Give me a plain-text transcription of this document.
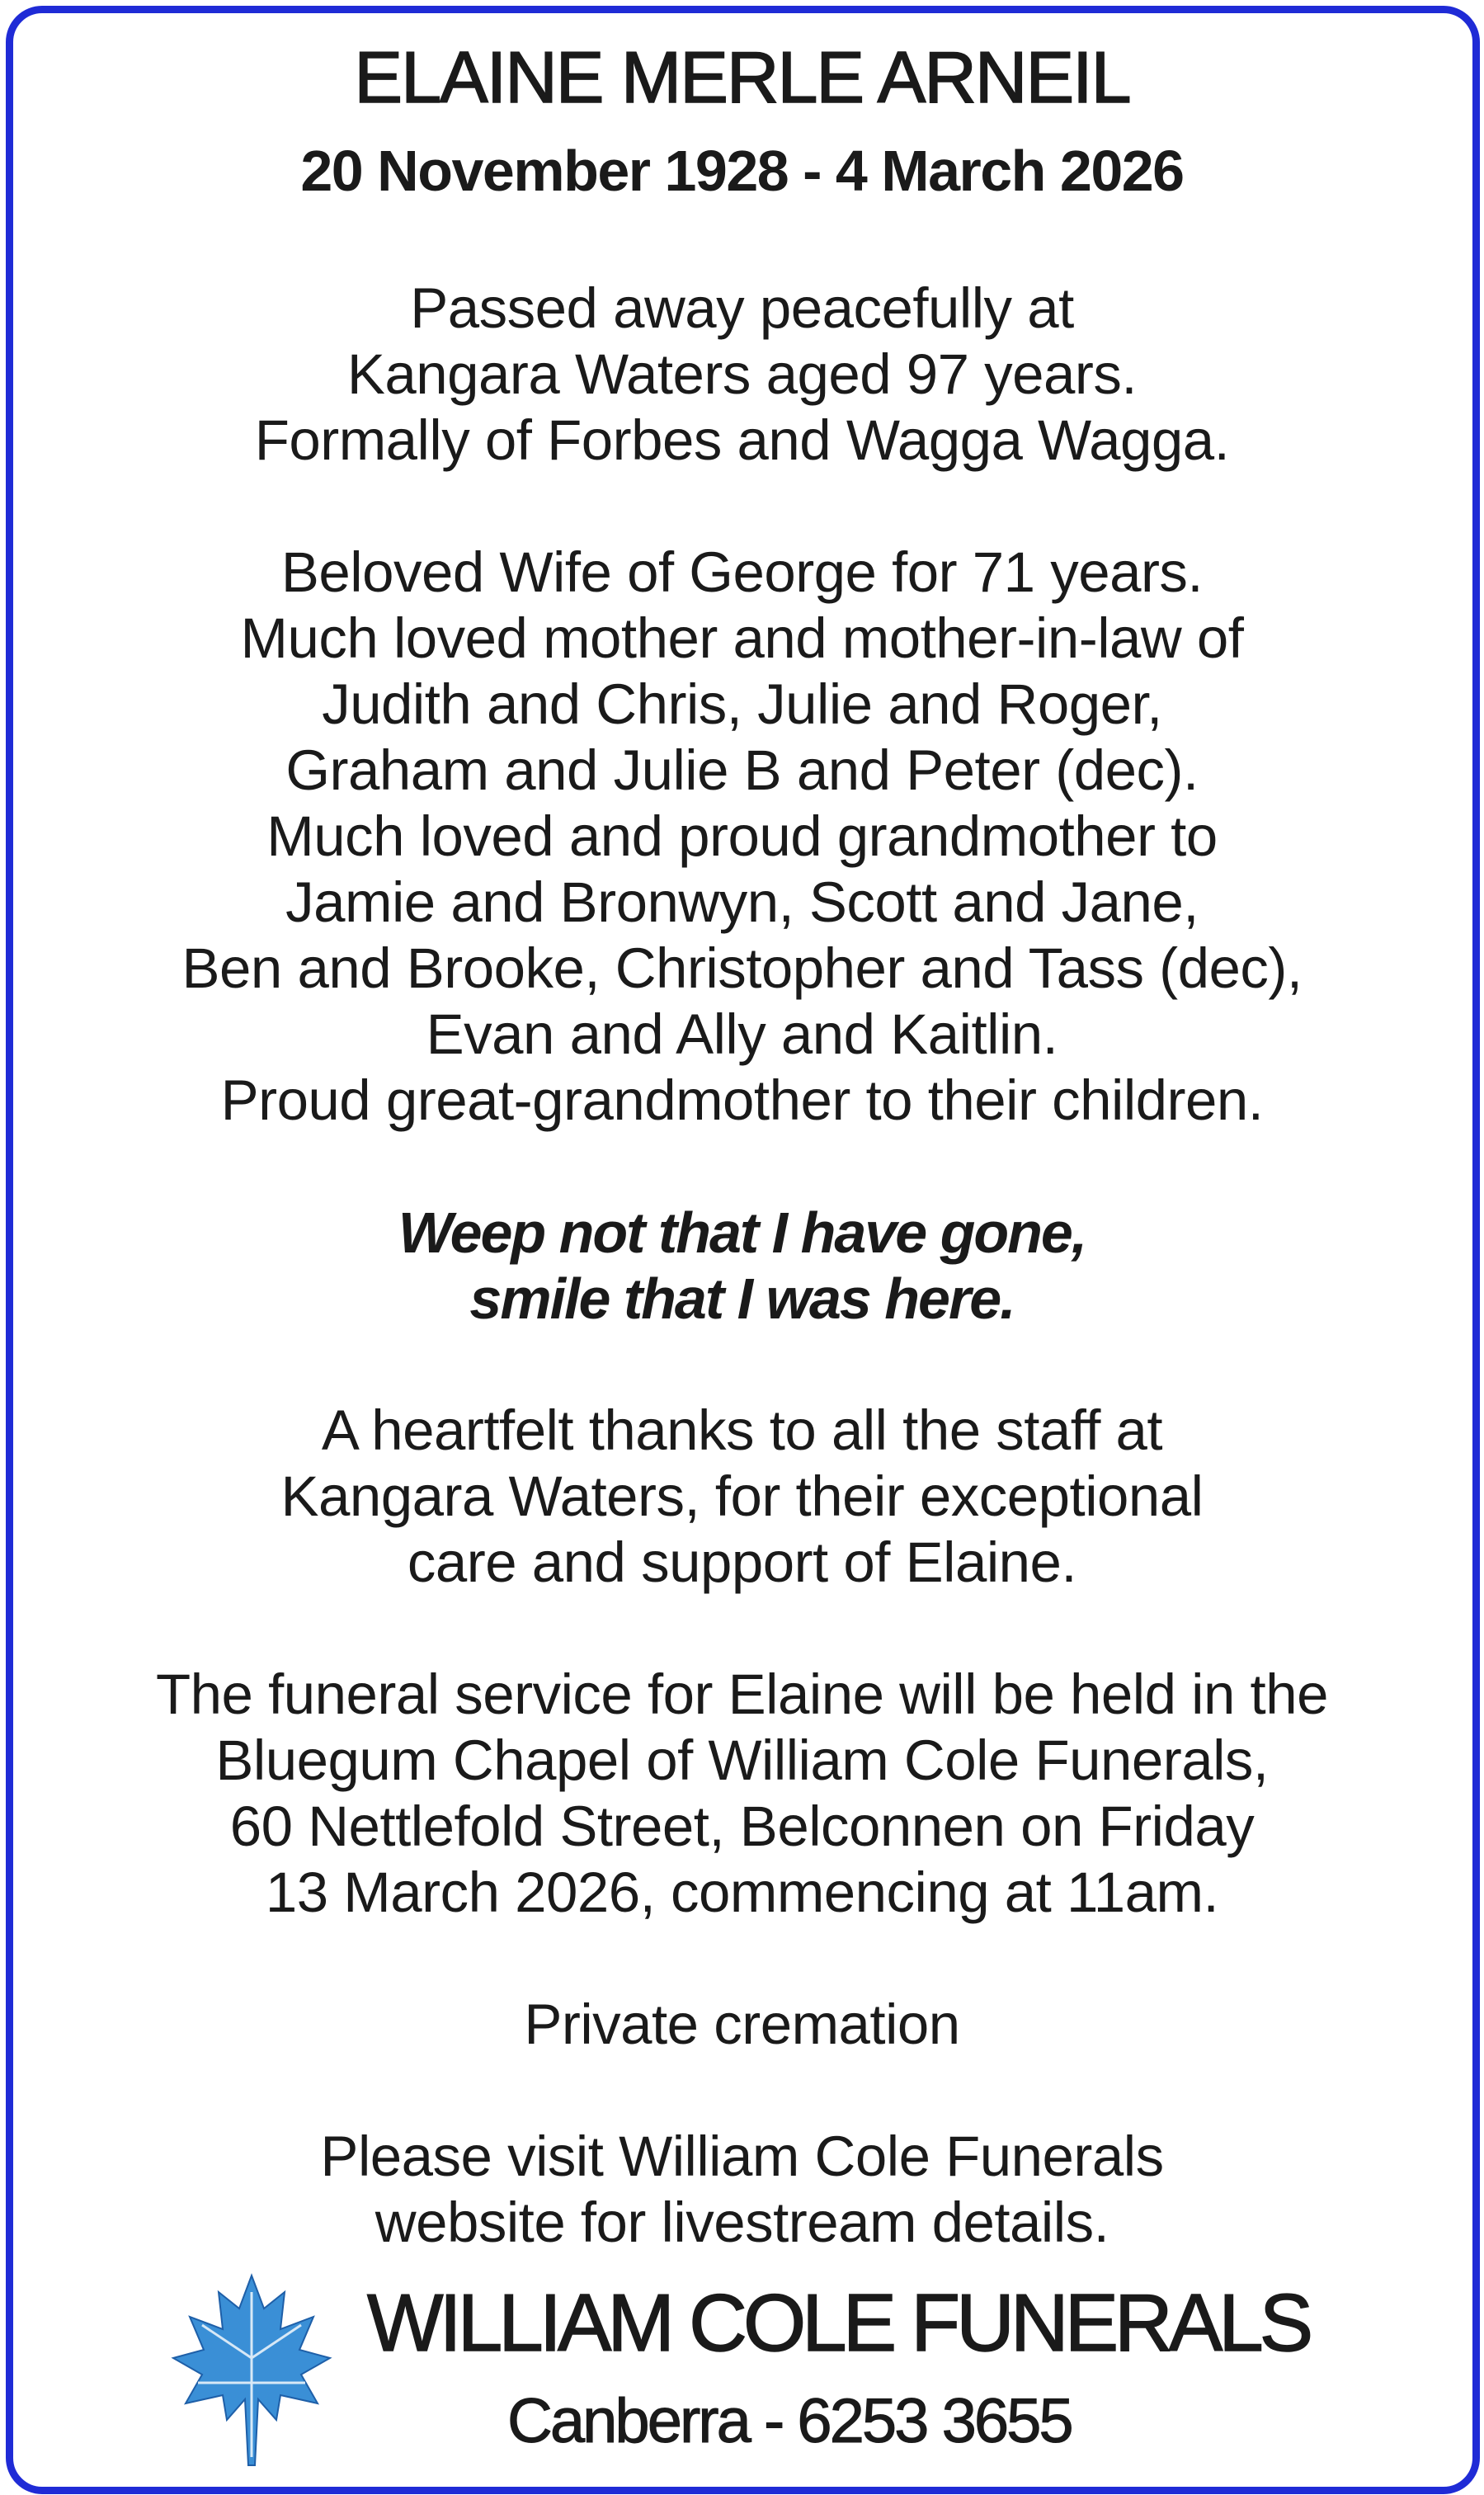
ELAINE MERLE ARNEIL
20 November 1928 - 4 March 2026
Passed away peacefully at
Kangara Waters aged 97 years.
Formally of Forbes and Wagga Wagga.
Beloved Wife of George for 71 years.
Much loved mother and mother-in-law of
Judith and Chris, Julie and Roger,
Graham and Julie B and Peter (dec).
Much loved and proud grandmother to
Jamie and Bronwyn, Scott and Jane,
Ben and Brooke, Christopher and Tass (dec),
Evan and Ally and Kaitlin.
Proud great-grandmother to their children.
Weep not that I have gone,
smile that I was here.
A heartfelt thanks to all the staff at
Kangara Waters, for their exceptional
care and support of Elaine.
The funeral service for Elaine will be held in the
Bluegum Chapel of William Cole Funerals,
60 Nettlefold Street, Belconnen on Friday
13 March 2026, commencing at 11am.
Private cremation
Please visit William Cole Funerals
website for livestream details.
WILLIAM COLE FUNERALS
Canberra - 6253 3655
